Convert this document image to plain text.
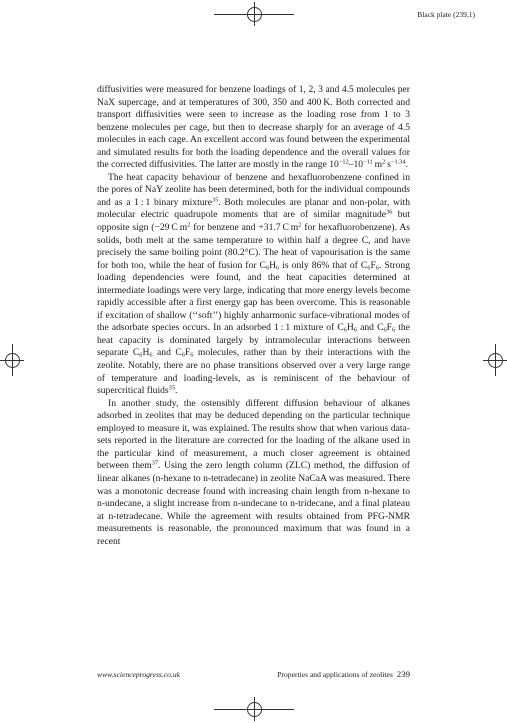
Black plate (239,1)

diffusivities were measured for benzene loadings of 1, 2, 3 and 4.5 molecules per NaX supercage, and at temperatures of 300, 350 and 400 K. Both corrected and transport diffusivities were seen to increase as the loading rose from 1 to 3 benzene molecules per cage, but then to decrease sharply for an average of 4.5 molecules in each cage. An excellent accord was found between the experimental and simulated results for both the loading dependence and the overall values for the corrected diffusivities. The latter are mostly in the range $10^{-12}-10^{-11}$ $m^2$ $s^{-1.34}$.

The heat capacity behaviour of benzene and hexafluorobenzene confined in the pores of NaY zeolite has been determined, both for the individual compounds and as a 1 : 1 binary mixture$^{35}$. Both molecules are planar and non-polar, with molecular electric quadrupole moments that are of similar magnitude$^{36}$ but opposite sign (−29 C $m^2$ for benzene and +31.7 C $m^2$ for hexafluorobenzene). As solids, both melt at the same temperature to within half a degree C, and have precisely the same boiling point (80.2°C). The heat of vapourisation is the same for both too, while the heat of fusion for $C_6H_6$ is only 86% that of $C_6F_6$. Strong loading dependencies were found, and the heat capacities determined at intermediate loadings were very large, indicating that more energy levels become rapidly accessible after a first energy gap has been overcome. This is reasonable if excitation of shallow (‘‘soft’’) highly anharmonic surface-vibrational modes of the adsorbate species occurs. In an adsorbed 1 : 1 mixture of $C_6H_6$ and $C_6F_6$ the heat capacity is dominated largely by intramolecular interactions between separate $C_6H_6$ and $C_6F_6$ molecules, rather than by their interactions with the zeolite. Notably, there are no phase transitions observed over a very large range of temperature and loading-levels, as is reminiscent of the behaviour of supercritical fluids$^{35}$.

In another study, the ostensibly different diffusion behaviour of alkanes adsorbed in zeolites that may be deduced depending on the particular technique employed to measure it, was explained. The results show that when various data-sets reported in the literature are corrected for the loading of the alkane used in the particular kind of measurement, a much closer agreement is obtained between them$^{37}$. Using the zero length column (ZLC) method, the diffusion of linear alkanes (n-hexane to n-tetradecane) in zeolite NaCaA was measured. There was a monotonic decrease found with increasing chain length from n-hexane to n-undecane, a slight increase from n-undecane to n-tridecane, and a final plateau at n-tetradecane. While the agreement with results obtained from PFG-NMR measurements is reasonable, the pronounced maximum that was found in a recent

www.scienceprogress.co.uk	Properties and applications of zeolites 239
